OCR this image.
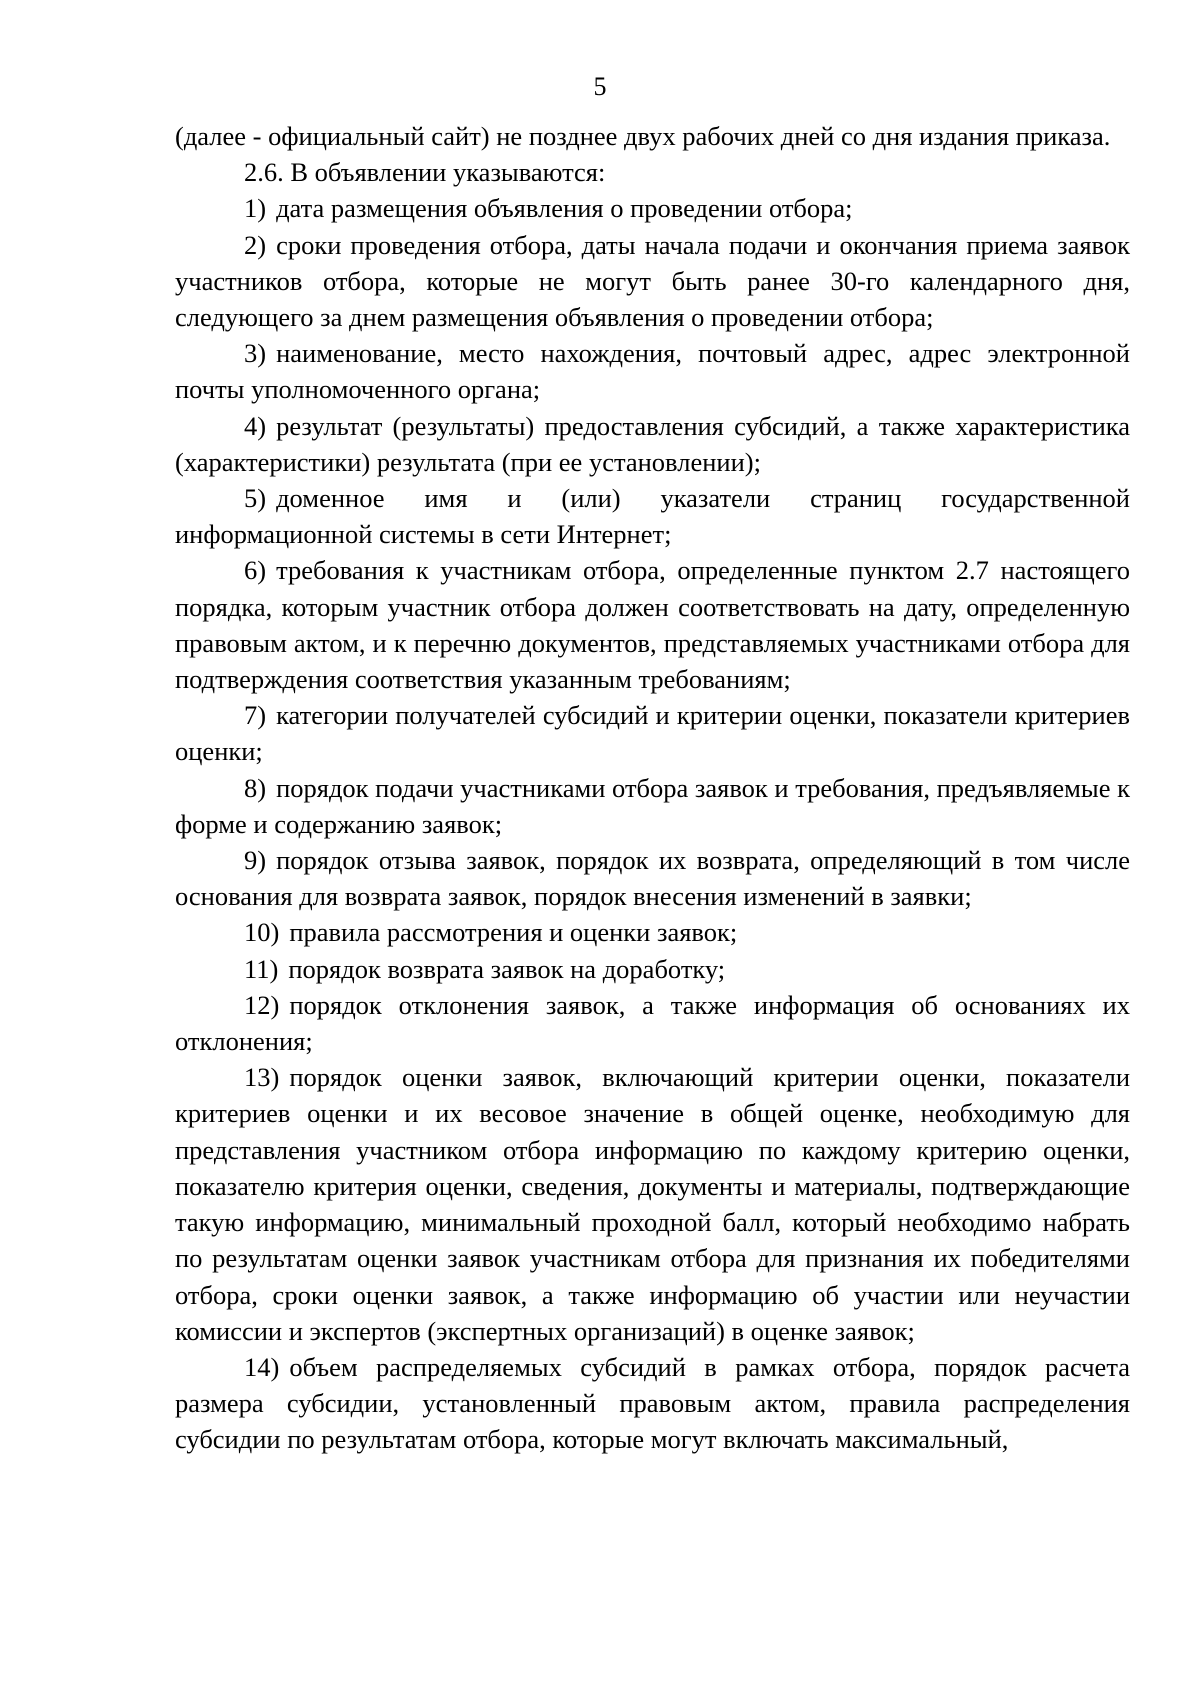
5

(далее - официальный сайт) не позднее двух рабочих дней со дня издания приказа.

2.6. В объявлении указываются:

1) дата размещения объявления о проведении отбора;

2) сроки проведения отбора, даты начала подачи и окончания приема заявок участников отбора, которые не могут быть ранее 30-го календарного дня, следующего за днем размещения объявления о проведении отбора;

3) наименование, место нахождения, почтовый адрес, адрес электронной почты уполномоченного органа;

4) результат (результаты) предоставления субсидий, а также характеристика (характеристики) результата (при ее установлении);

5) доменное имя и (или) указатели страниц государственной информационной системы в сети Интернет;

6) требования к участникам отбора, определенные пунктом 2.7 настоящего порядка, которым участник отбора должен соответствовать на дату, определенную правовым актом, и к перечню документов, представляемых участниками отбора для подтверждения соответствия указанным требованиям;

7) категории получателей субсидий и критерии оценки, показатели критериев оценки;

8) порядок подачи участниками отбора заявок и требования, предъявляемые к форме и содержанию заявок;

9) порядок отзыва заявок, порядок их возврата, определяющий в том числе основания для возврата заявок, порядок внесения изменений в заявки;

10) правила рассмотрения и оценки заявок;

11) порядок возврата заявок на доработку;

12) порядок отклонения заявок, а также информация об основаниях их отклонения;

13) порядок оценки заявок, включающий критерии оценки, показатели критериев оценки и их весовое значение в общей оценке, необходимую для представления участником отбора информацию по каждому критерию оценки, показателю критерия оценки, сведения, документы и материалы, подтверждающие такую информацию, минимальный проходной балл, который необходимо набрать по результатам оценки заявок участникам отбора для признания их победителями отбора, сроки оценки заявок, а также информацию об участии или неучастии комиссии и экспертов (экспертных организаций) в оценке заявок;

14) объем распределяемых субсидий в рамках отбора, порядок расчета размера субсидии, установленный правовым актом, правила распределения субсидии по результатам отбора, которые могут включать максимальный,
